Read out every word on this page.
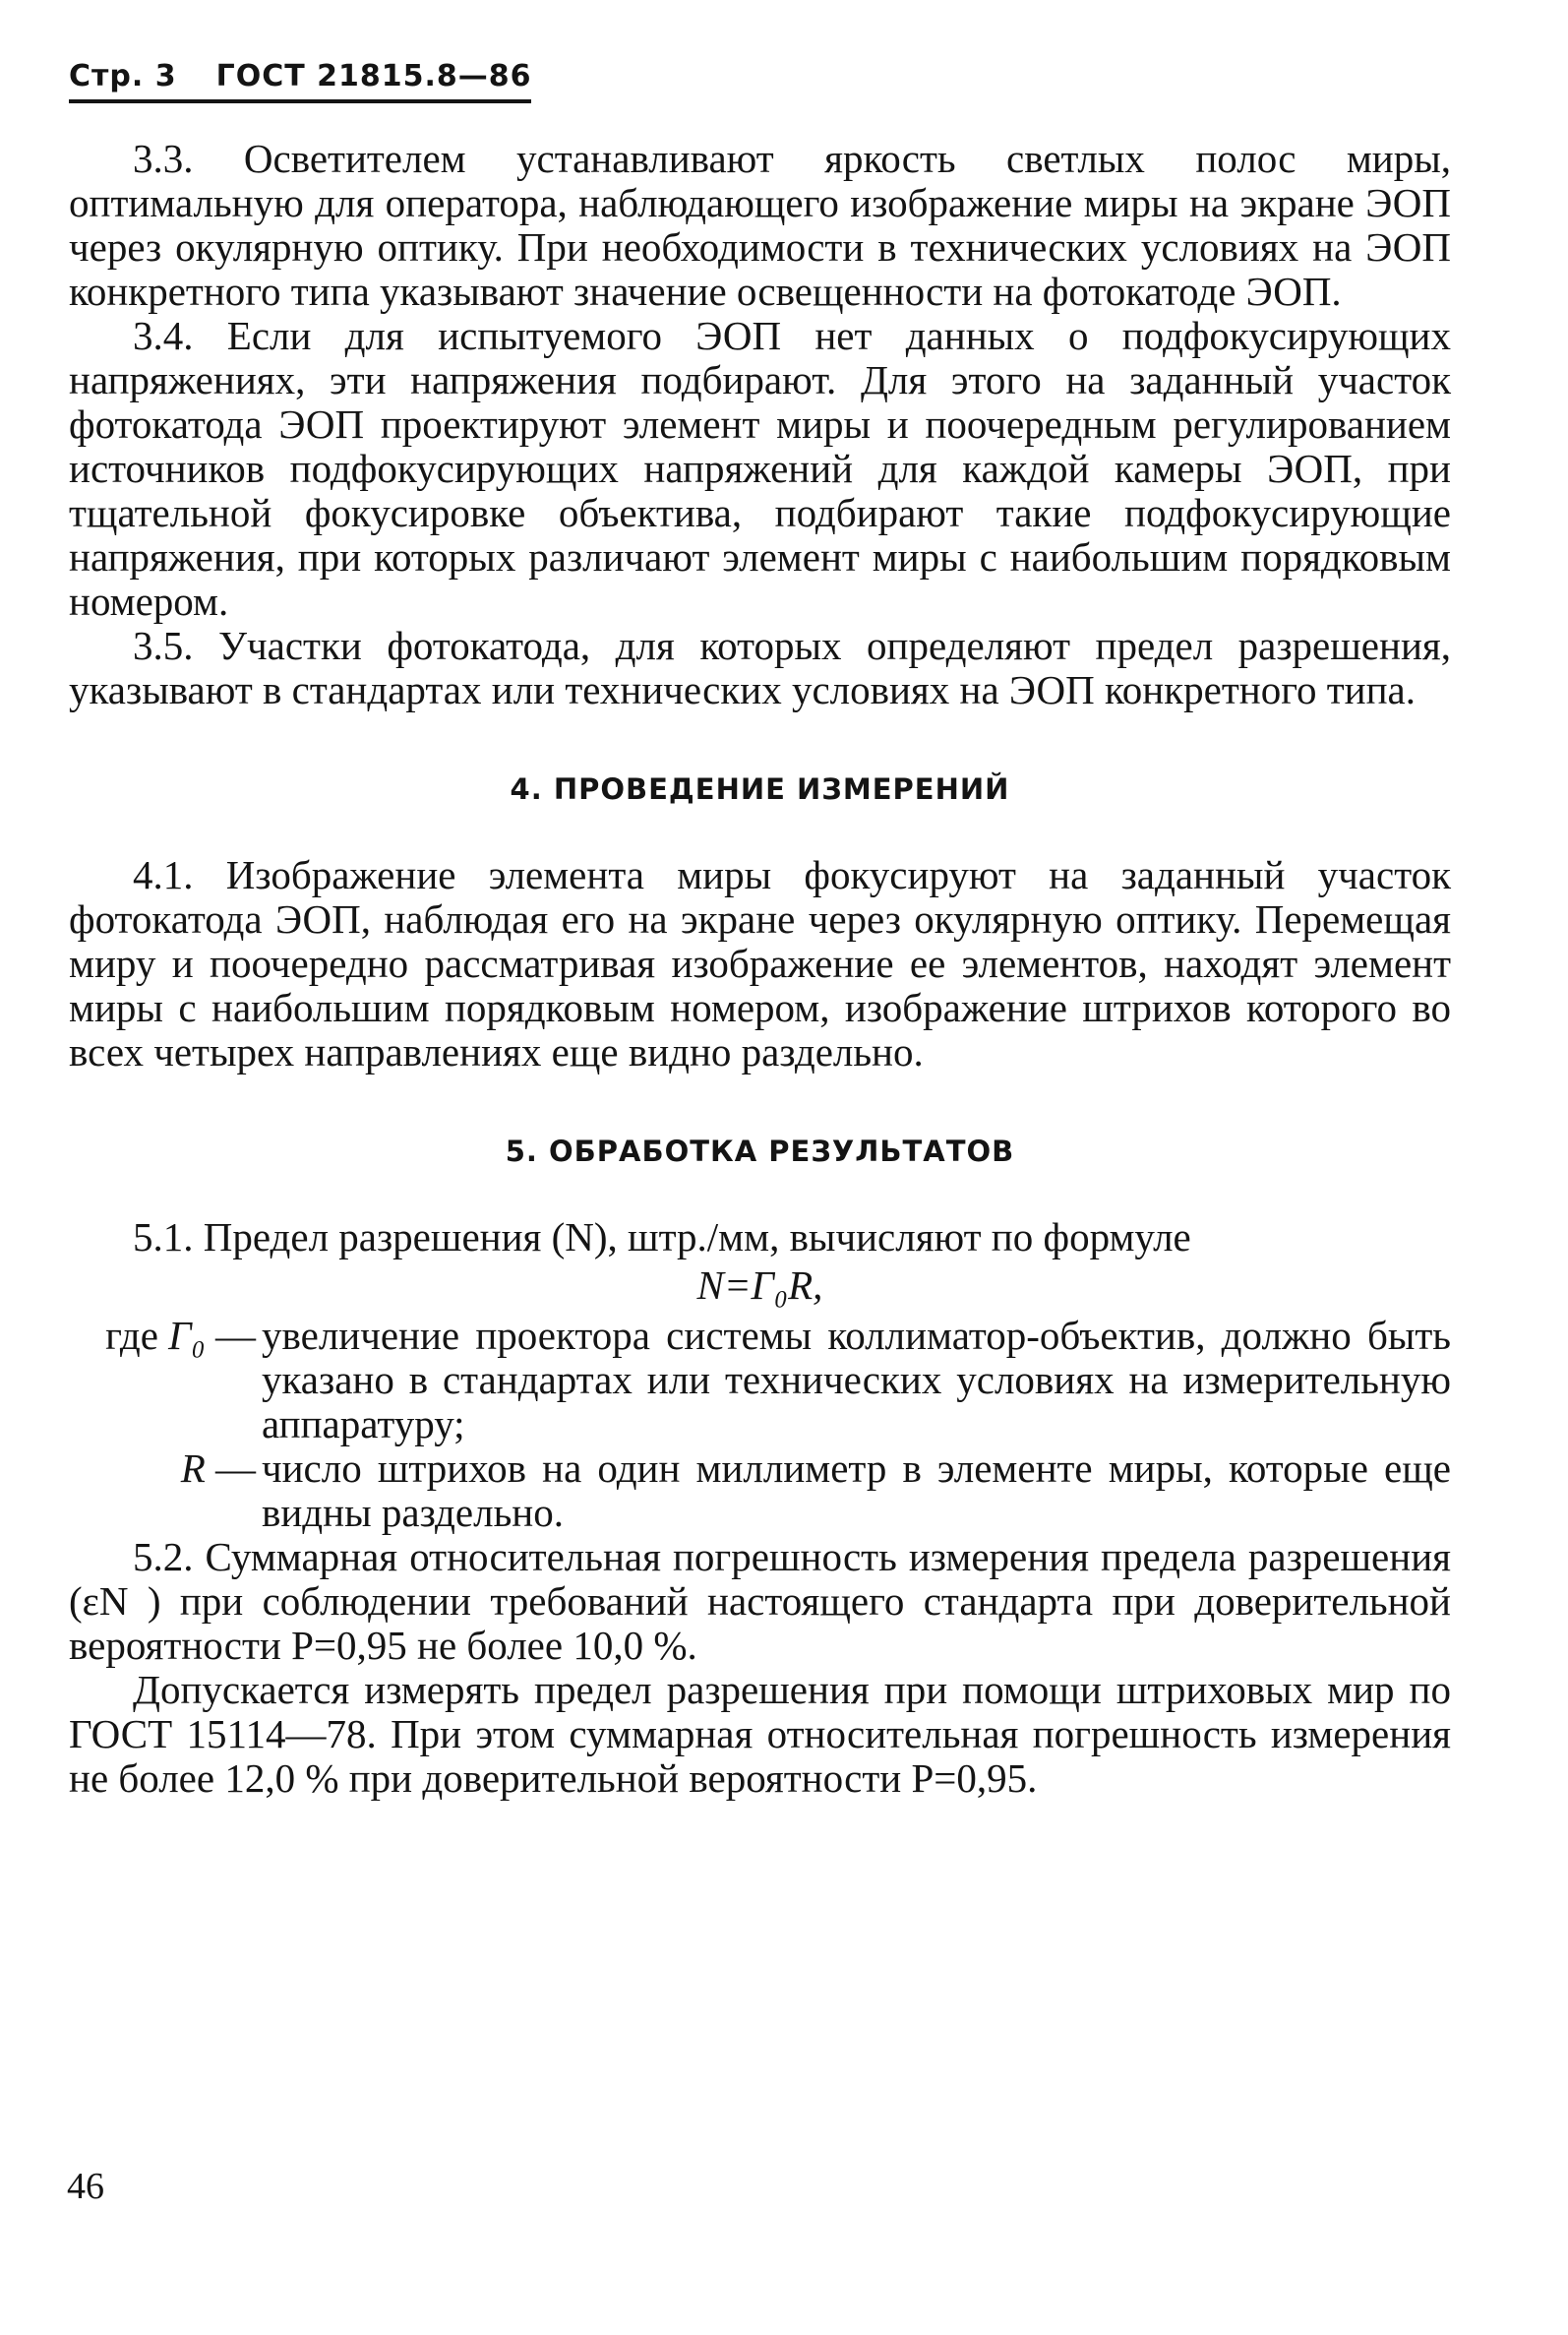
Стр. 3 ГОСТ 21815.8—86

3.3. Осветителем устанавливают яркость светлых полос миры, оптимальную для оператора, наблюдающего изображение миры на экране ЭОП через окулярную оптику. При необходимости в технических условиях на ЭОП конкретного типа указывают значение освещенности на фотокатоде ЭОП.

3.4. Если для испытуемого ЭОП нет данных о подфокусирующих напряжениях, эти напряжения подбирают. Для этого на заданный участок фотокатода ЭОП проектируют элемент миры и поочередным регулированием источников подфокусирующих напряжений для каждой камеры ЭОП, при тщательной фокусировке объектива, подбирают такие подфокусирующие напряжения, при которых различают элемент миры с наибольшим порядковым номером.

3.5. Участки фотокатода, для которых определяют предел разрешения, указывают в стандартах или технических условиях на ЭОП конкретного типа.

4. ПРОВЕДЕНИЕ ИЗМЕРЕНИЙ

4.1. Изображение элемента миры фокусируют на заданный участок фотокатода ЭОП, наблюдая его на экране через окулярную оптику. Перемещая миру и поочередно рассматривая изображение ее элементов, находят элемент миры с наибольшим порядковым номером, изображение штрихов которого во всех четырех направлениях еще видно раздельно.

5. ОБРАБОТКА РЕЗУЛЬТАТОВ

5.1. Предел разрешения (N), штр./мм, вычисляют по формуле

N=Г₀R,
где Г₀ — увеличение проектора системы коллиматор-объектив, должно быть указано в стандартах или технических условиях на измерительную аппаратуру;
R — число штрихов на один миллиметр в элементе миры, которые еще видны раздельно.

5.2. Суммарная относительная погрешность измерения предела разрешения (εN ) при соблюдении требований настоящего стандарта при доверительной вероятности P=0,95 не более 10,0 %.

Допускается измерять предел разрешения при помощи штриховых мир по ГОСТ 15114—78. При этом суммарная относительная погрешность измерения не более 12,0 % при доверительной вероятности P=0,95.

46
